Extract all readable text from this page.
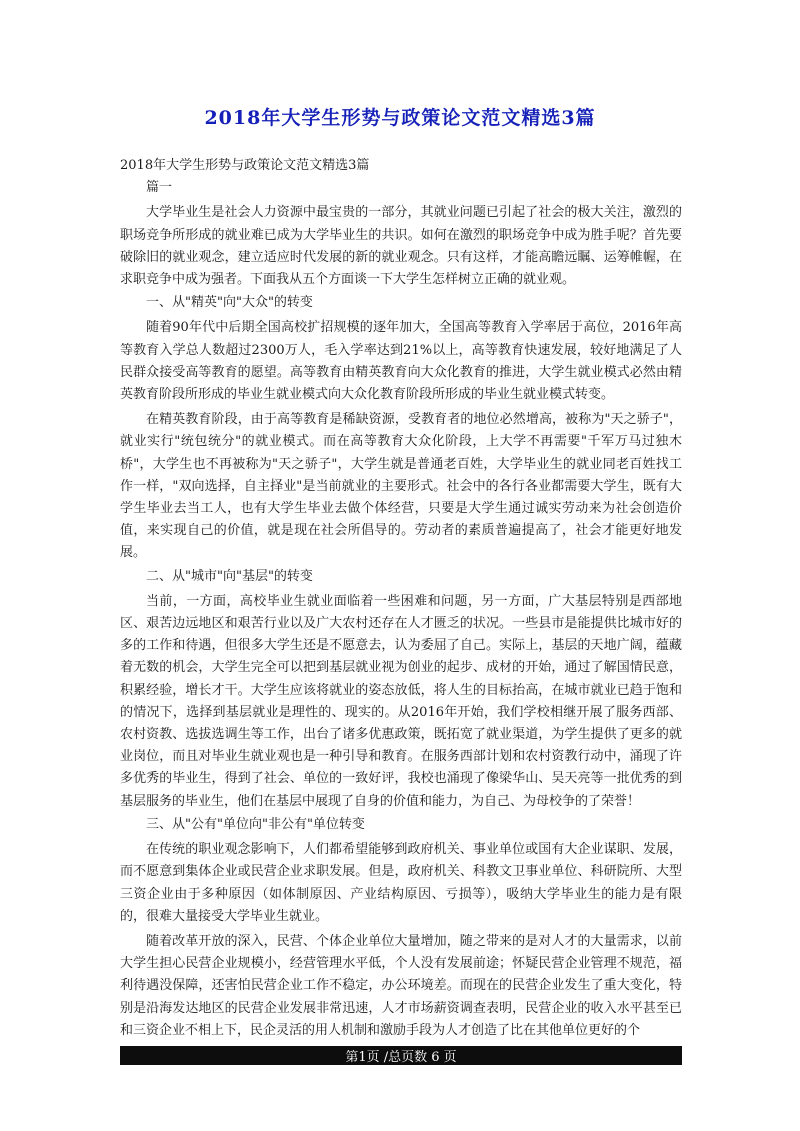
2018年大学生形势与政策论文范文精选3篇

2018年大学生形势与政策论文范文精选3篇

篇一

大学毕业生是社会人力资源中最宝贵的一部分，其就业问题已引起了社会的极大关注，激烈的职场竞争所形成的就业难已成为大学毕业生的共识。如何在激烈的职场竞争中成为胜手呢？首先要破除旧的就业观念，建立适应时代发展的新的就业观念。只有这样，才能高瞻远瞩、运筹帷幄，在求职竞争中成为强者。下面我从五个方面谈一下大学生怎样树立正确的就业观。

一、从"精英"向"大众"的转变

随着90年代中后期全国高校扩招规模的逐年加大，全国高等教育入学率居于高位，2016年高等教育入学总人数超过2300万人，毛入学率达到21%以上，高等教育快速发展，较好地满足了人民群众接受高等教育的愿望。高等教育由精英教育向大众化教育的推进，大学生就业模式必然由精英教育阶段所形成的毕业生就业模式向大众化教育阶段所形成的毕业生就业模式转变。

在精英教育阶段，由于高等教育是稀缺资源，受教育者的地位必然增高，被称为"天之骄子"，就业实行"统包统分"的就业模式。而在高等教育大众化阶段，上大学不再需要"千军万马过独木桥"，大学生也不再被称为"天之骄子"，大学生就是普通老百姓，大学毕业生的就业同老百姓找工作一样，"双向选择，自主择业"是当前就业的主要形式。社会中的各行各业都需要大学生，既有大学生毕业去当工人，也有大学生毕业去做个体经营，只要是大学生通过诚实劳动来为社会创造价值，来实现自己的价值，就是现在社会所倡导的。劳动者的素质普遍提高了，社会才能更好地发展。

二、从"城市"向"基层"的转变

当前，一方面，高校毕业生就业面临着一些困难和问题，另一方面，广大基层特别是西部地区、艰苦边远地区和艰苦行业以及广大农村还存在人才匮乏的状况。一些县市是能提供比城市好的多的工作和待遇，但很多大学生还是不愿意去，认为委屈了自己。实际上，基层的天地广阔，蕴藏着无数的机会，大学生完全可以把到基层就业视为创业的起步、成材的开始，通过了解国情民意，积累经验，增长才干。大学生应该将就业的姿态放低，将人生的目标抬高，在城市就业已趋于饱和的情况下，选择到基层就业是理性的、现实的。从2016年开始，我们学校相继开展了服务西部、农村资教、选拔选调生等工作，出台了诸多优惠政策，既拓宽了就业渠道，为学生提供了更多的就业岗位，而且对毕业生就业观也是一种引导和教育。在服务西部计划和农村资教行动中，涌现了许多优秀的毕业生，得到了社会、单位的一致好评，我校也涌现了像梁华山、吴天亮等一批优秀的到基层服务的毕业生，他们在基层中展现了自身的价值和能力，为自己、为母校争的了荣誉！

三、从"公有"单位向"非公有"单位转变

在传统的职业观念影响下，人们都希望能够到政府机关、事业单位或国有大企业谋职、发展，而不愿意到集体企业或民营企业求职发展。但是，政府机关、科教文卫事业单位、科研院所、大型三资企业由于多种原因（如体制原因、产业结构原因、亏损等），吸纳大学毕业生的能力是有限的，很难大量接受大学毕业生就业。

随着改革开放的深入，民营、个体企业单位大量增加，随之带来的是对人才的大量需求，以前大学生担心民营企业规模小，经营管理水平低，个人没有发展前途；怀疑民营企业管理不规范，福利待遇没保障，还害怕民营企业工作不稳定，办公环境差。而现在的民营企业发生了重大变化，特别是沿海发达地区的民营企业发展非常迅速，人才市场薪资调查表明，民营企业的收入水平甚至已和三资企业不相上下，民企灵活的用人机制和激励手段为人才创造了比在其他单位更好的个

第1页 /总页数 6 页
